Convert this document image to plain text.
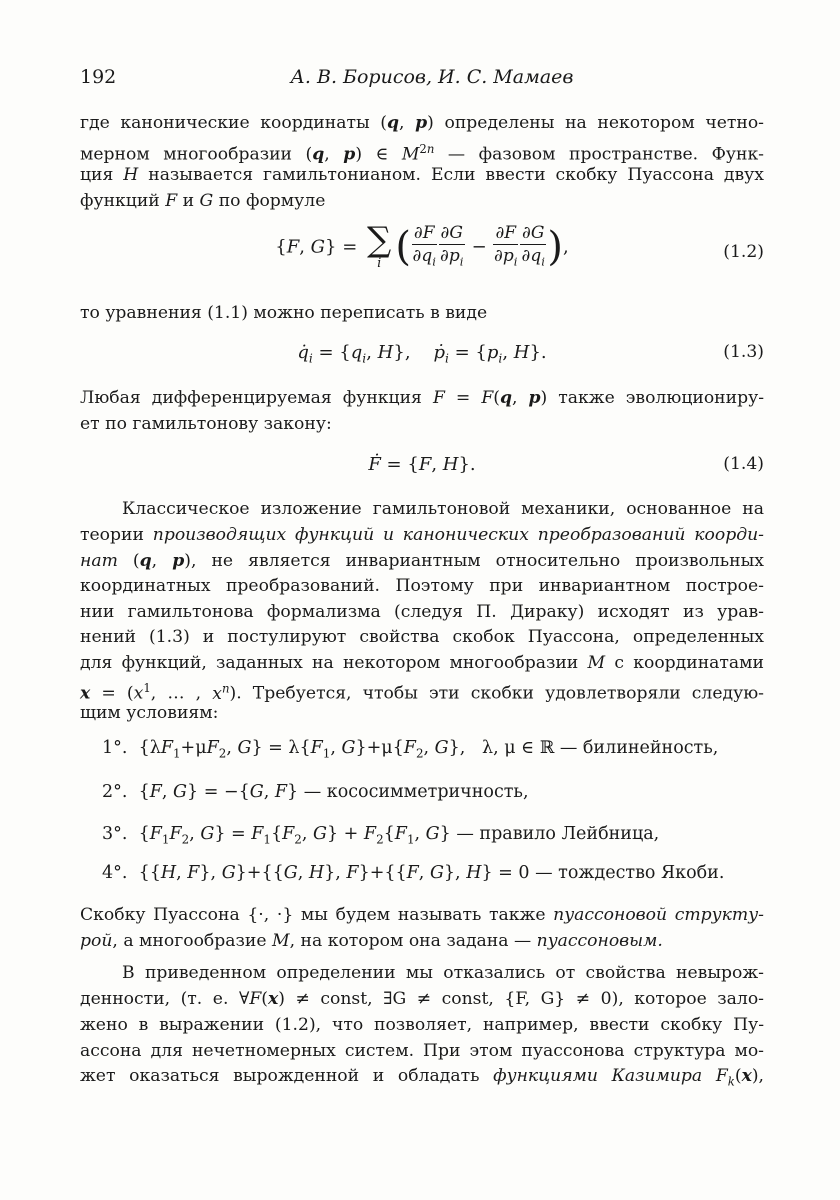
192	А. В. Борисов, И. С. Мамаев
где канонические координаты (q, p) определены на некотором четно-
мерном многообразии (q, p) ∈ $M^{2n}$ — фазовом пространстве. Функ-
ция H называется гамильтонианом. Если ввести скобку Пуассона двух
функций F и G по формуле
{F, G} = ∑
i ( $\frac{\partial F}{\partial q_i} \frac{\partial G}{\partial p_i} - \frac{\partial F}{\partial p_i} \frac{\partial G}{\partial q_i}$ ),	(1.2)
то уравнения (1.1) можно переписать в виде
$q̇_i = \{q_i$, H},    ṗ$_i$ = {$p_i$, H}.	(1.3)
Любая дифференцируемая функция F = F(q, p) также эволюциониру-
ет по гамильтонову закону:
Ḟ = {F, H}.	(1.4)
Классическое изложение гамильтоновой механики, основанное на
теории производящих функций и канонических преобразований коорди-
нат (q, p), не является инвариантным относительно произвольных
координатных преобразований. Поэтому при инвариантном построе-
нии гамильтонова формализма (следуя П. Дираку) исходят из урав-
нений (1.3) и постулируют свойства скобок Пуассона, определенных
для функций, заданных на некотором многообразии M с координатами
$x = (x^1$, … , $x^n$). Требуется, чтобы эти скобки удовлетворяли следую-
щим условиям:
1°.  {$\lambda F_1+\mu F_2$, $G\} = \lambda\{F_1$, $G\}+\mu\{F_2$, G},   λ, μ ∈ ℝ — билинейность,
2°.  {F, G} = −{G, F} — кососимметричность,
3°.  {$F_1F_2$, $G\} = F_1\{F_2$, $G\} + F_2\{F_1$, G} — правило Лейбница,
4°.  {{H, F}, G}+{{G, H}, F}+{{F, G}, H} = 0 — тождество Якоби.
Скобку Пуассона {·, ·} мы будем называть также пуассоновой структу-
рой, а многообразие M, на котором она задана — пуассоновым.
В приведенном определении мы отказались от свойства невырож-
денности, (т. е. ∀F(x) ≠ const, ∃G ≠ const, {F, G} ≠ 0), которое зало-
жено в выражении (1.2), что позволяет, например, ввести скобку Пу-
ассона для нечетномерных систем. При этом пуассонова структура мо-
жет оказаться вырожденной и обладать функциями Казимира $F_k(x)$,
